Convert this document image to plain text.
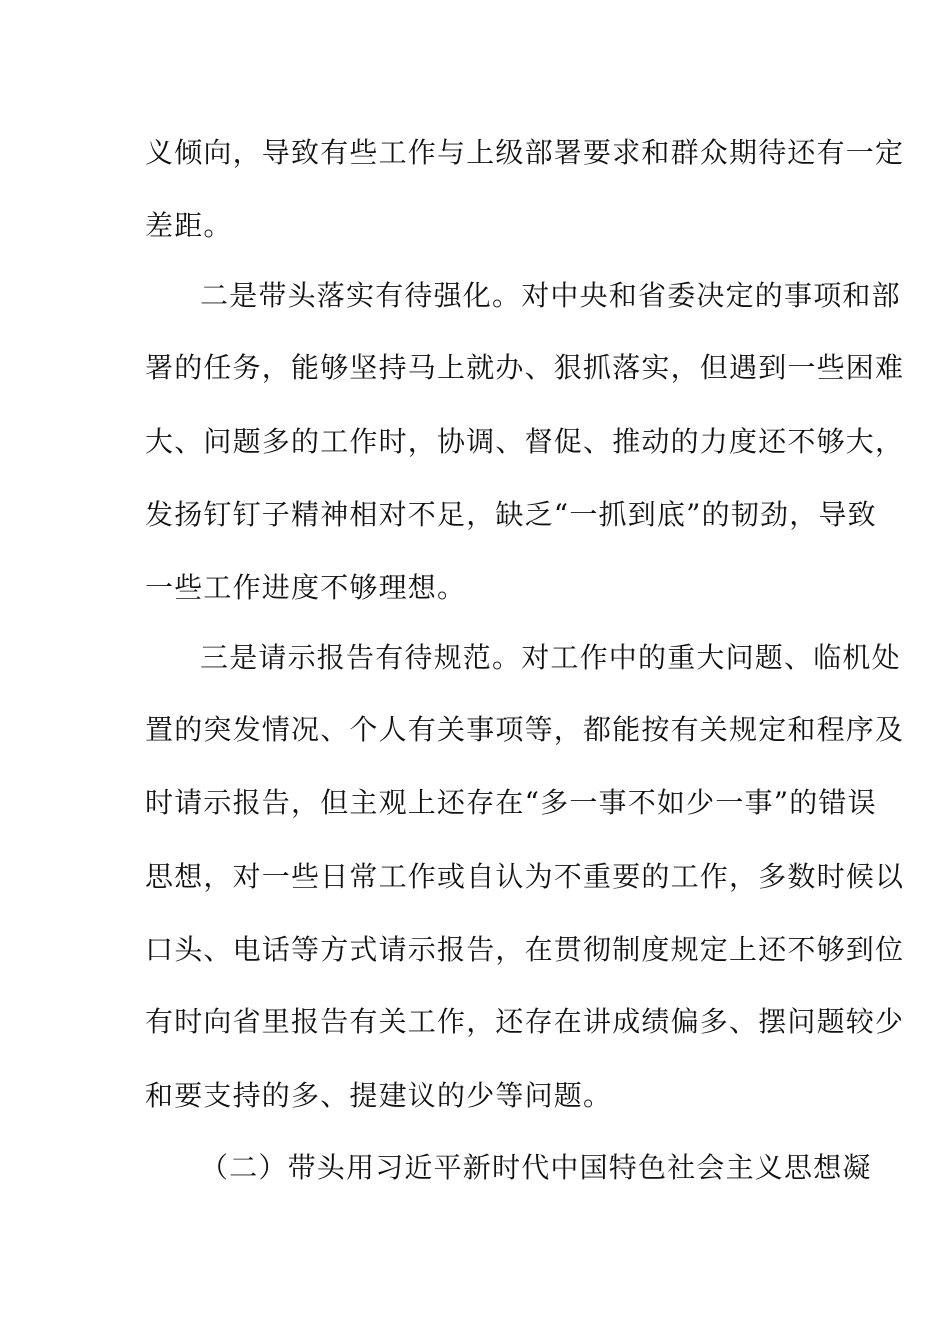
义倾向，导致有些工作与上级部署要求和群众期待还有一定
差距。
二是带头落实有待强化。对中央和省委决定的事项和部
署的任务，能够坚持马上就办、狠抓落实，但遇到一些困难
大、问题多的工作时，协调、督促、推动的力度还不够大，
发扬钉钉子精神相对不足，缺乏“一抓到底”的韧劲，导致
一些工作进度不够理想。
三是请示报告有待规范。对工作中的重大问题、临机处
置的突发情况、个人有关事项等，都能按有关规定和程序及
时请示报告，但主观上还存在“多一事不如少一事”的错误
思想，对一些日常工作或自认为不重要的工作，多数时候以
口头、电话等方式请示报告，在贯彻制度规定上还不够到位
有时向省里报告有关工作，还存在讲成绩偏多、摆问题较少
和要支持的多、提建议的少等问题。
（二）带头用习近平新时代中国特色社会主义思想凝
